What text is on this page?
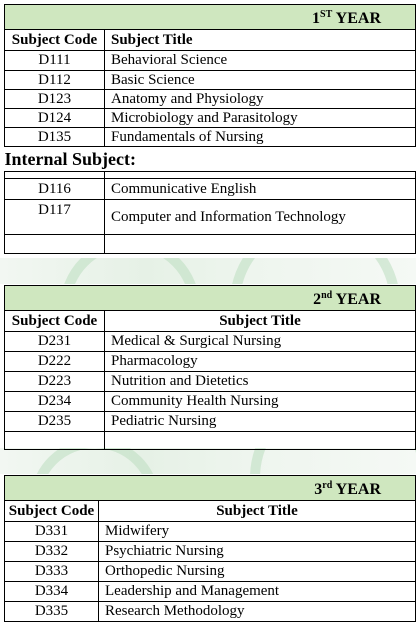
1ST YEAR	
Subject Code	Subject Title
D111	Behavioral Science
D112	Basic Science
D123	Anatomy and Physiology
D124	Microbiology and Parasitology
D135	Fundamentals of Nursing
Internal Subject:	

D116	Communicative English
D117	Computer and Information Technology

2nd YEAR	
Subject Code	Subject Title
D231	Medical & Surgical Nursing
D222	Pharmacology
D223	Nutrition and Dietetics
D234	Community Health Nursing
D235	Pediatric Nursing

3rd YEAR	
Subject Code	Subject Title
D331	Midwifery
D332	Psychiatric Nursing
D333	Orthopedic Nursing
D334	Leadership and Management
D335	Research Methodology
